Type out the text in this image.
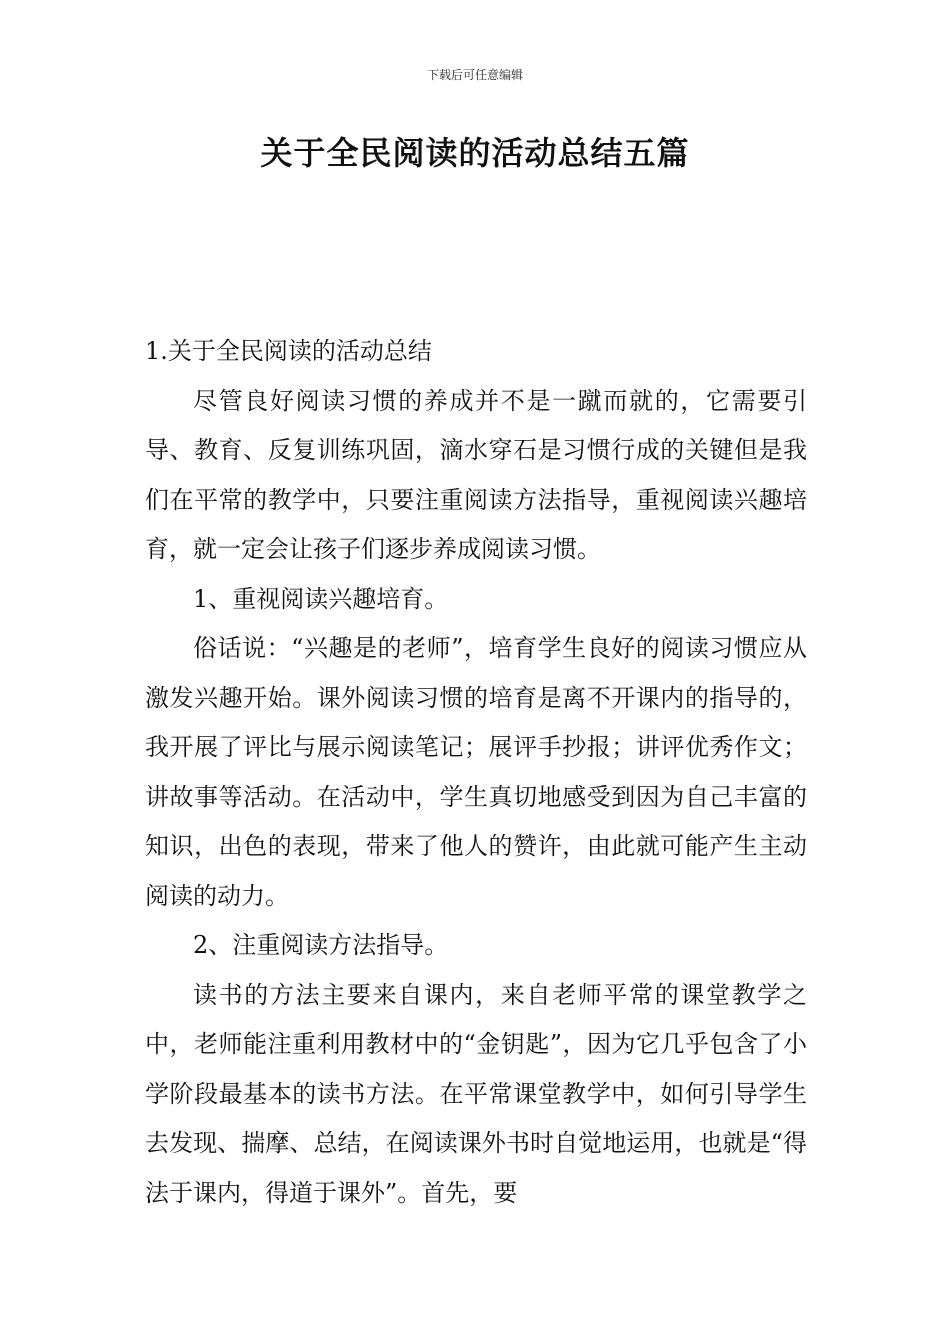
下载后可任意编辑
关于全民阅读的活动总结五篇

1.关于全民阅读的活动总结

尽管良好阅读习惯的养成并不是一蹴而就的，它需要引导、教育、反复训练巩固，滴水穿石是习惯行成的关键但是我们在平常的教学中，只要注重阅读方法指导，重视阅读兴趣培育，就一定会让孩子们逐步养成阅读习惯。

1、重视阅读兴趣培育。

俗话说：“兴趣是的老师”，培育学生良好的阅读习惯应从激发兴趣开始。课外阅读习惯的培育是离不开课内的指导的，我开展了评比与展示阅读笔记；展评手抄报；讲评优秀作文；讲故事等活动。在活动中，学生真切地感受到因为自己丰富的知识，出色的表现，带来了他人的赞许，由此就可能产生主动阅读的动力。

2、注重阅读方法指导。

读书的方法主要来自课内，来自老师平常的课堂教学之中，老师能注重利用教材中的“金钥匙”，因为它几乎包含了小学阶段最基本的读书方法。在平常课堂教学中，如何引导学生去发现、揣摩、总结，在阅读课外书时自觉地运用，也就是“得法于课内，得道于课外”。首先，要
